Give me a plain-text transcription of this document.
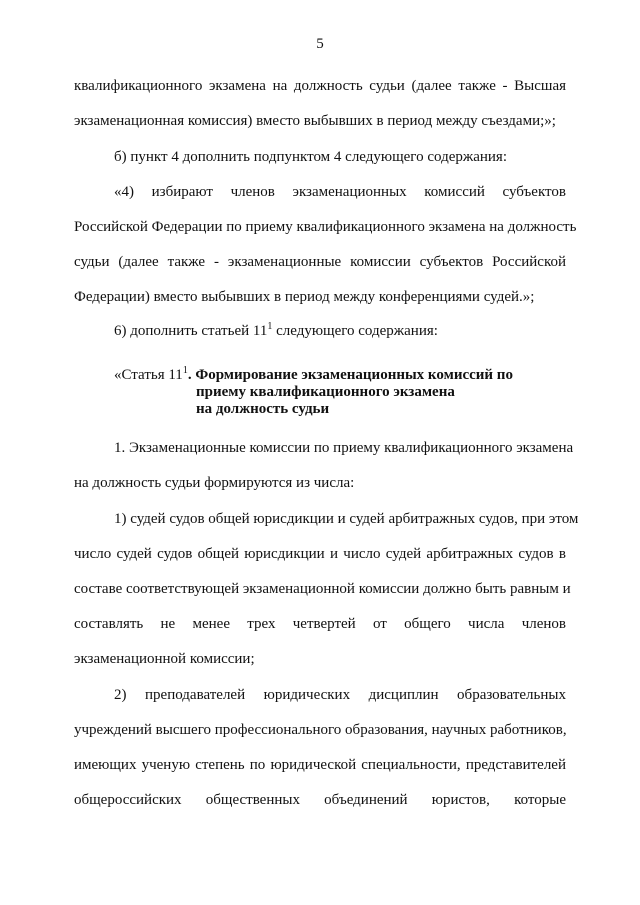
5
квалификационного экзамена на должность судьи (далее также - Высшая
экзаменационная комиссия) вместо выбывших в период между съездами;»;
б) пункт 4 дополнить подпунктом 4 следующего содержания:
«4) избирают членов экзаменационных комиссий субъектов
Российской Федерации по приему квалификационного экзамена на должность
судьи (далее также - экзаменационные комиссии субъектов Российской
Федерации) вместо выбывших в период между конференциями судей.»;
6) дополнить статьей $11^1$ следующего содержания:
«Статья $11^1$. Формирование экзаменационных комиссий по
приему квалификационного экзамена
на должность судьи
1. Экзаменационные комиссии по приему квалификационного экзамена
на должность судьи формируются из числа:
1) судей судов общей юрисдикции и судей арбитражных судов, при этом
число судей судов общей юрисдикции и число судей арбитражных судов в
составе соответствующей экзаменационной комиссии должно быть равным и
составлять не менее трех четвертей от общего числа членов
экзаменационной комиссии;
2) преподавателей юридических дисциплин образовательных
учреждений высшего профессионального образования, научных работников,
имеющих ученую степень по юридической специальности, представителей
общероссийских общественных объединений юристов, которые
